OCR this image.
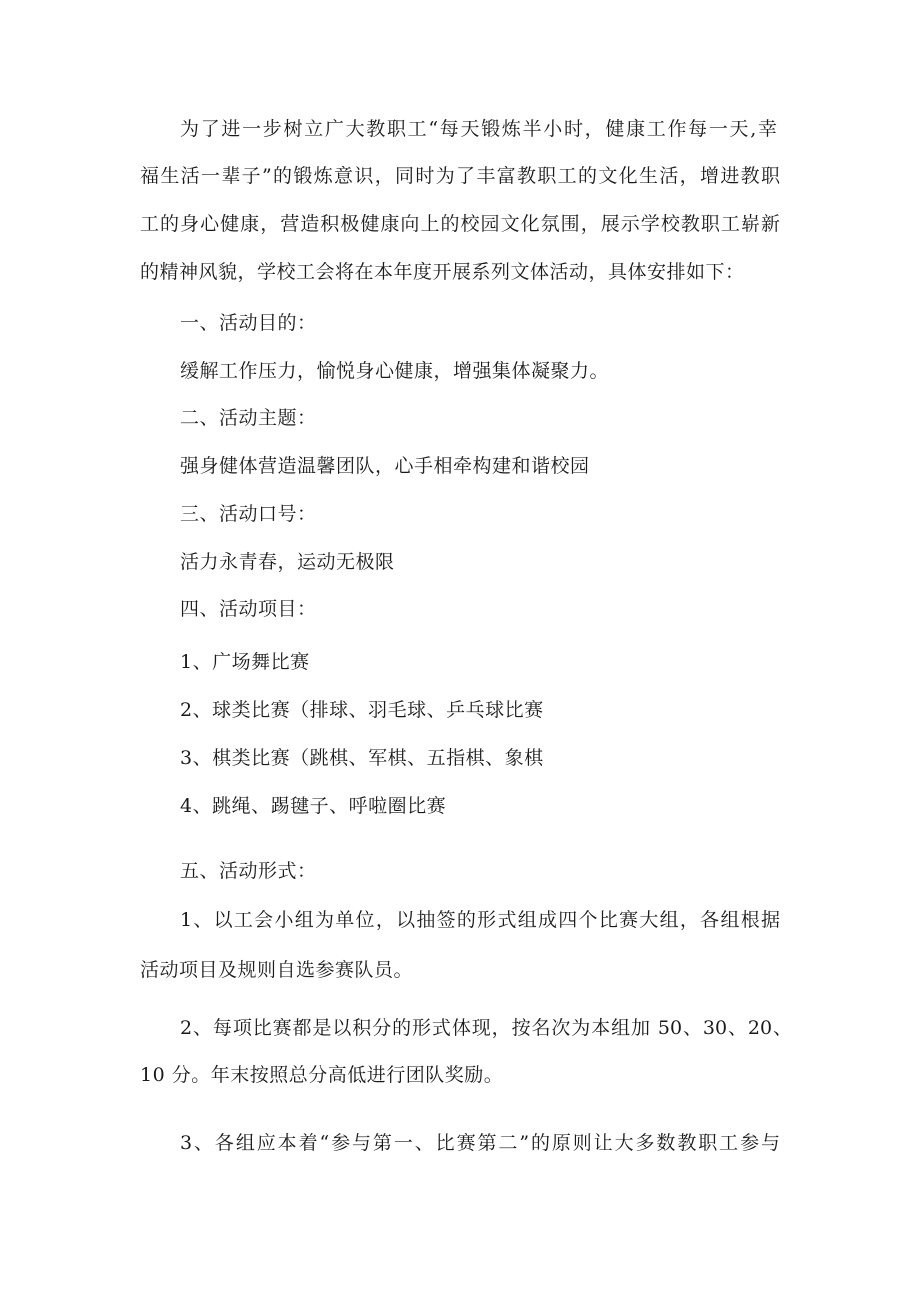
为了进一步树立广大教职工“每天锻炼半小时，健康工作每一天,幸
福生活一辈子”的锻炼意识，同时为了丰富教职工的文化生活，增进教职
工的身心健康，营造积极健康向上的校园文化氛围，展示学校教职工崭新
的精神风貌，学校工会将在本年度开展系列文体活动，具体安排如下：
一、活动目的：
缓解工作压力，愉悦身心健康，增强集体凝聚力。
二、活动主题：
强身健体营造温馨团队，心手相牵构建和谐校园
三、活动口号：
活力永青春，运动无极限
四、活动项目：
1、广场舞比赛
2、球类比赛（排球、羽毛球、乒乓球比赛
3、棋类比赛（跳棋、军棋、五指棋、象棋
4、跳绳、踢毽子、呼啦圈比赛
五、活动形式：
1、以工会小组为单位，以抽签的形式组成四个比赛大组，各组根据
活动项目及规则自选参赛队员。
2、每项比赛都是以积分的形式体现，按名次为本组加 50、30、20、
10 分。年末按照总分高低进行团队奖励。
3、各组应本着“参与第一、比赛第二”的原则让大多数教职工参与
